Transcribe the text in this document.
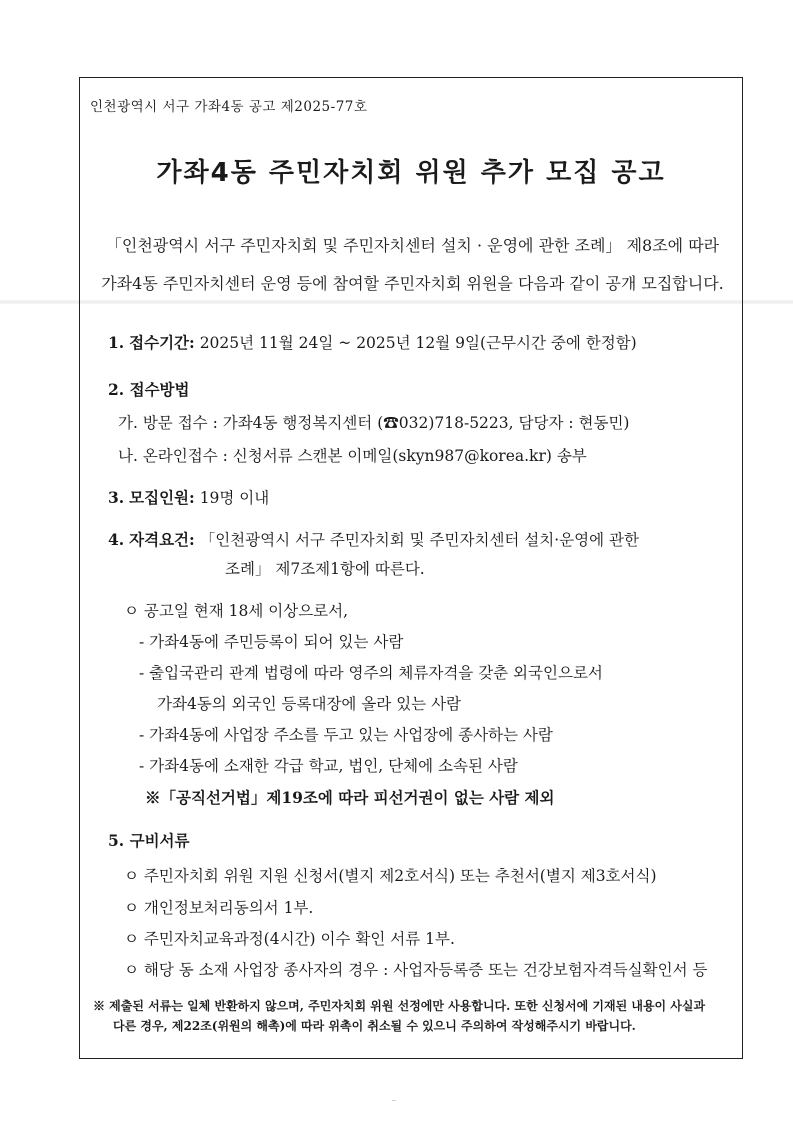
인천광역시 서구 가좌4동 공고 제2025-77호
가좌4동 주민자치회 위원 추가 모집 공고
「인천광역시 서구 주민자치회 및 주민자치센터 설치 · 운영에 관한 조례」 제8조에 따라
가좌4동 주민자치센터 운영 등에 참여할 주민자치회 위원을 다음과 같이 공개 모집합니다.
1. 접수기간: 2025년 11월 24일 ~ 2025년 12월 9일(근무시간 중에 한정함)
2. 접수방법
가. 방문 접수 : 가좌4동 행정복지센터 (☎032)718-5223, 담당자 : 현동민)
나. 온라인접수 : 신청서류 스캔본 이메일(skyn987@korea.kr) 송부
3. 모집인원: 19명 이내
4. 자격요건: 「인천광역시 서구 주민자치회 및 주민자치센터 설치·운영에 관한
조례」 제7조제1항에 따른다.
ㅇ 공고일 현재 18세 이상으로서,
- 가좌4동에 주민등록이 되어 있는 사람
- 출입국관리 관계 법령에 따라 영주의 체류자격을 갖춘 외국인으로서
가좌4동의 외국인 등록대장에 올라 있는 사람
- 가좌4동에 사업장 주소를 두고 있는 사업장에 종사하는 사람
- 가좌4동에 소재한 각급 학교, 법인, 단체에 소속된 사람
※「공직선거법」제19조에 따라 피선거권이 없는 사람 제외
5. 구비서류
ㅇ 주민자치회 위원 지원 신청서(별지 제2호서식) 또는 추천서(별지 제3호서식)
ㅇ 개인정보처리동의서 1부.
ㅇ 주민자치교육과정(4시간) 이수 확인 서류 1부.
ㅇ 해당 동 소재 사업장 종사자의 경우 : 사업자등록증 또는 건강보험자격득실확인서 등
※ 제출된 서류는 일체 반환하지 않으며, 주민자치회 위원 선정에만 사용합니다. 또한 신청서에 기재된 내용이 사실과
다른 경우, 제22조(위원의 해촉)에 따라 위촉이 취소될 수 있으니 주의하여 작성해주시기 바랍니다.
